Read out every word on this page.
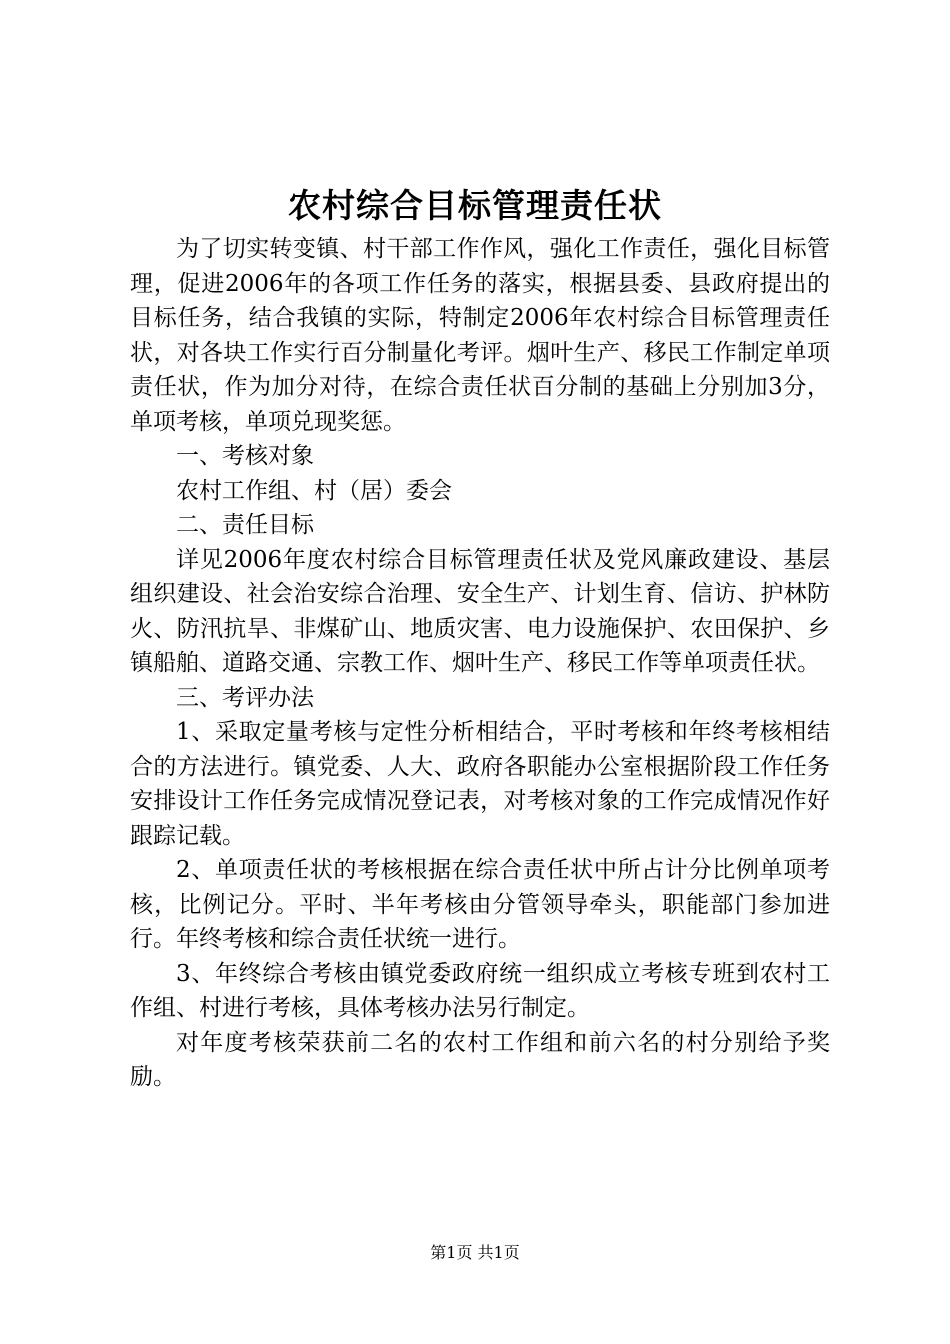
农村综合目标管理责任状

为了切实转变镇、村干部工作作风，强化工作责任，强化目标管理，促进2006年的各项工作任务的落实，根据县委、县政府提出的目标任务，结合我镇的实际，特制定2006年农村综合目标管理责任状，对各块工作实行百分制量化考评。烟叶生产、移民工作制定单项责任状，作为加分对待，在综合责任状百分制的基础上分别加3分，单项考核，单项兑现奖惩。

一、考核对象

农村工作组、村（居）委会

二、责任目标

详见2006年度农村综合目标管理责任状及党风廉政建设、基层组织建设、社会治安综合治理、安全生产、计划生育、信访、护林防火、防汛抗旱、非煤矿山、地质灾害、电力设施保护、农田保护、乡镇船舶、道路交通、宗教工作、烟叶生产、移民工作等单项责任状。

三、考评办法

1、采取定量考核与定性分析相结合，平时考核和年终考核相结合的方法进行。镇党委、人大、政府各职能办公室根据阶段工作任务安排设计工作任务完成情况登记表，对考核对象的工作完成情况作好跟踪记载。

2、单项责任状的考核根据在综合责任状中所占计分比例单项考核，比例记分。平时、半年考核由分管领导牵头，职能部门参加进行。年终考核和综合责任状统一进行。

3、年终综合考核由镇党委政府统一组织成立考核专班到农村工作组、村进行考核，具体考核办法另行制定。

对年度考核荣获前二名的农村工作组和前六名的村分别给予奖励。

第1页 共1页
